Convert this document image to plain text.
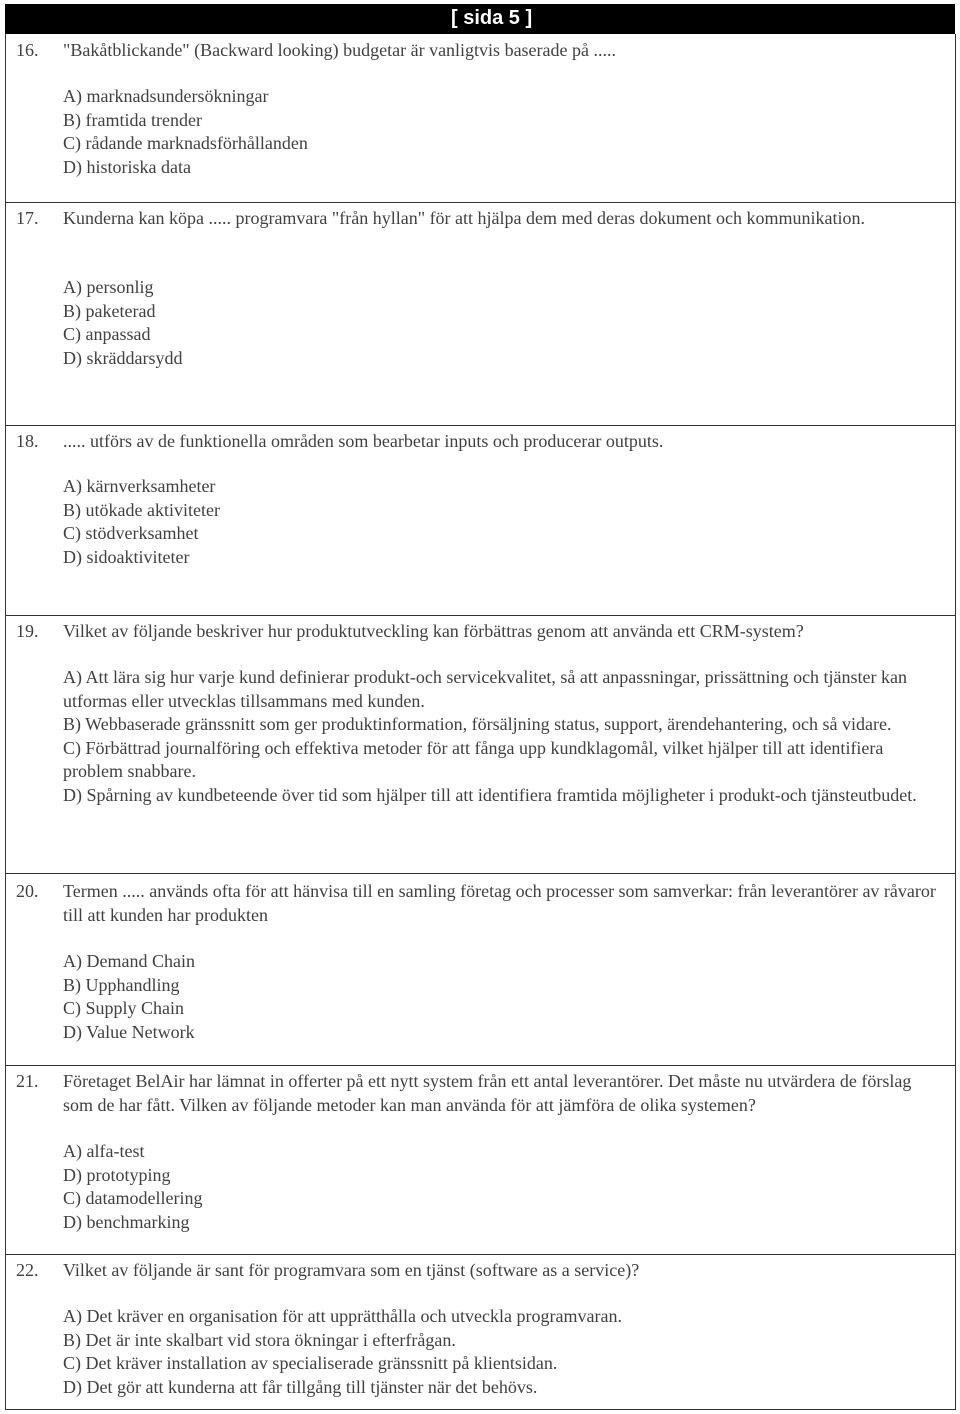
[ sida 5 ]
16. "Bakåtblickande" (Backward looking) budgetar är vanligtvis baserade på .....
A) marknadsundersökningar
B) framtida trender
C) rådande marknadsförhållanden
D) historiska data
17. Kunderna kan köpa ..... programvara "från hyllan" för att hjälpa dem med deras dokument och kommunikation.
A) personlig
B) paketerad
C) anpassad
D) skräddarsydd
18. ..... utförs av de funktionella områden som bearbetar inputs och producerar outputs.
A) kärnverksamheter
B) utökade aktiviteter
C) stödverksamhet
D) sidoaktiviteter
19. Vilket av följande beskriver hur produktutveckling kan förbättras genom att använda ett CRM-system?
A) Att lära sig hur varje kund definierar produkt-och servicekvalitet, så att anpassningar, prissättning och tjänster kan utformas eller utvecklas tillsammans med kunden.
B) Webbaserade gränssnitt som ger produktinformation, försäljning status, support, ärendehantering, och så vidare.
C) Förbättrad journalföring och effektiva metoder för att fånga upp kundklagomål, vilket hjälper till att identifiera problem snabbare.
D) Spårning av kundbeteende över tid som hjälper till att identifiera framtida möjligheter i produkt-och tjänsteutbudet.
20. Termen ..... används ofta för att hänvisa till en samling företag och processer som samverkar: från leverantörer av råvaror till att kunden har produkten
A) Demand Chain
B) Upphandling
C) Supply Chain
D) Value Network
21. Företaget BelAir har lämnat in offerter på ett nytt system från ett antal leverantörer. Det måste nu utvärdera de förslag som de har fått. Vilken av följande metoder kan man använda för att jämföra de olika systemen?
A) alfa-test
D) prototyping
C) datamodellering
D) benchmarking
22. Vilket av följande är sant för programvara som en tjänst (software as a service)?
A) Det kräver en organisation för att upprätthålla och utveckla programvaran.
B) Det är inte skalbart vid stora ökningar i efterfrågan.
C) Det kräver installation av specialiserade gränssnitt på klientsidan.
D) Det gör att kunderna att får tillgång till tjänster när det behövs.
